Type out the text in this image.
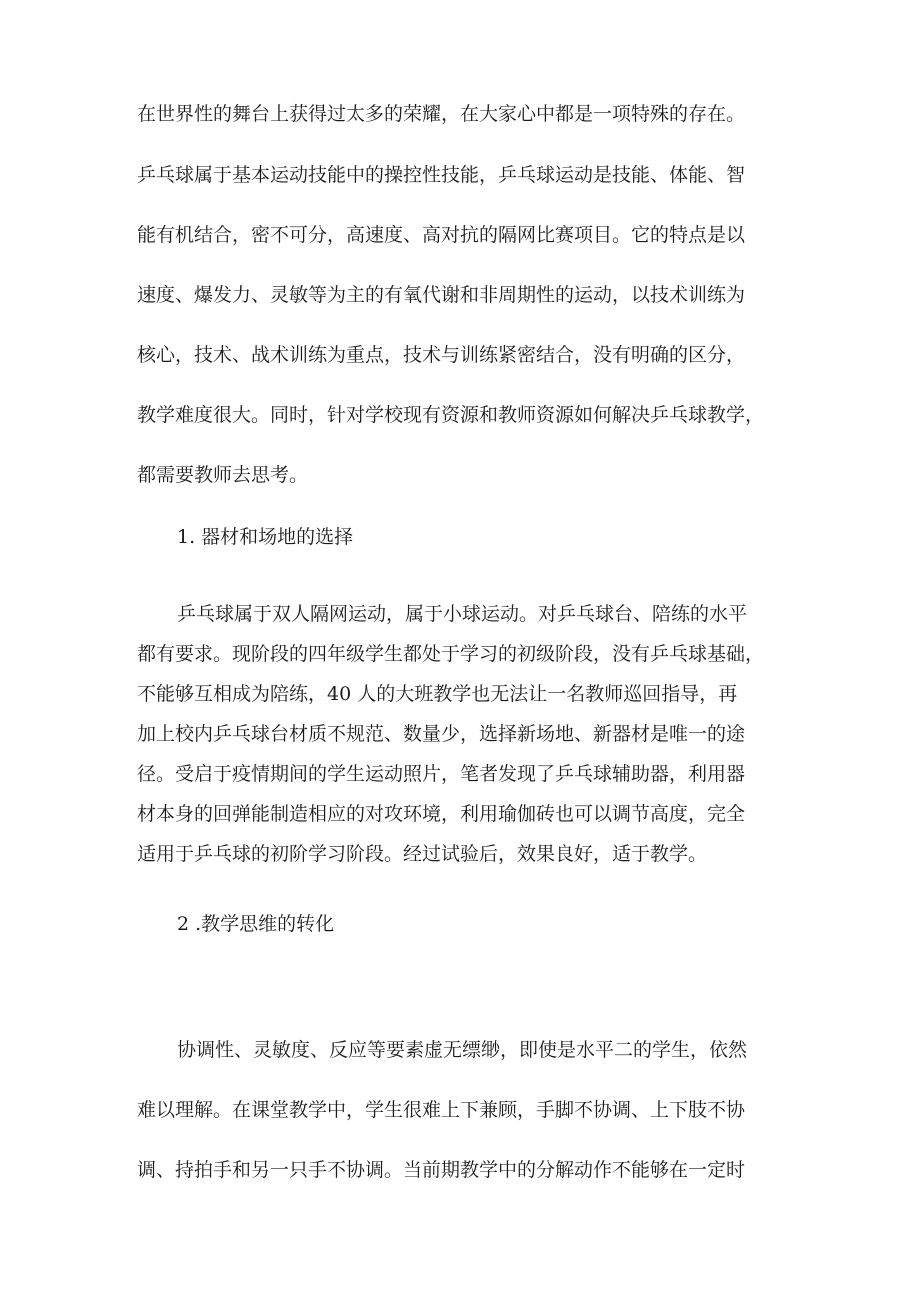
在世界性的舞台上获得过太多的荣耀，在大家心中都是一项特殊的存在。
乒乓球属于基本运动技能中的操控性技能，乒乓球运动是技能、体能、智
能有机结合，密不可分，高速度、高对抗的隔网比赛项目。它的特点是以
速度、爆发力、灵敏等为主的有氧代谢和非周期性的运动，以技术训练为
核心，技术、战术训练为重点，技术与训练紧密结合，没有明确的区分，
教学难度很大。同时，针对学校现有资源和教师资源如何解决乒乓球教学，
都需要教师去思考。
1. 器材和场地的选择
乒乓球属于双人隔网运动，属于小球运动。对乒乓球台、陪练的水平
都有要求。现阶段的四年级学生都处于学习的初级阶段，没有乒乓球基础，
不能够互相成为陪练，40 人的大班教学也无法让一名教师巡回指导，再
加上校内乒乓球台材质不规范、数量少，选择新场地、新器材是唯一的途
径。受启于疫情期间的学生运动照片，笔者发现了乒乓球辅助器，利用器
材本身的回弹能制造相应的对攻环境，利用瑜伽砖也可以调节高度，完全
适用于乒乓球的初阶学习阶段。经过试验后，效果良好，适于教学。
2 .教学思维的转化
协调性、灵敏度、反应等要素虚无缥缈，即使是水平二的学生，依然
难以理解。在课堂教学中，学生很难上下兼顾，手脚不协调、上下肢不协
调、持拍手和另一只手不协调。当前期教学中的分解动作不能够在一定时
